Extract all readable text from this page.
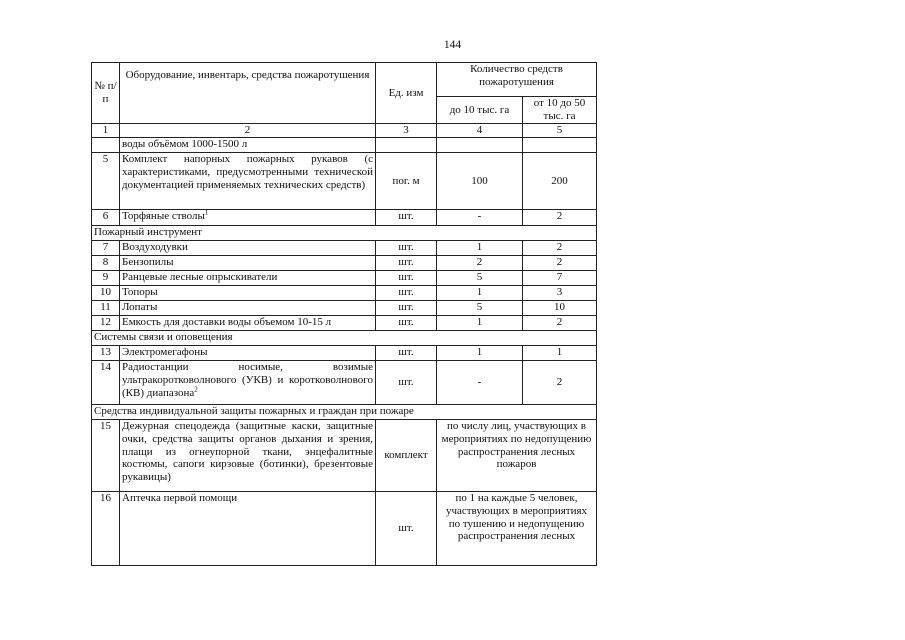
144
№ п/п	Оборудование, инвентарь, средства пожаротушения	Ед. изм	Количество средств пожаротушения	
			до 10 тыс. га	от 10 до 50 тыс. га
1	2	3	4	5
	воды объёмом 1000-1500 л			
5	Комплект напорных пожарных рукавов (с характеристиками, предусмотренными технической документацией применяемых технических средств)	пог. м	100	200
6	Торфяные стволы$^1$	шт.	-	2
Пожарный инструмент				
7	Воздуходувки	шт.	1	2
8	Бензопилы	шт.	2	2
9	Ранцевые лесные опрыскиватели	шт.	5	7
10	Топоры	шт.	1	3
11	Лопаты	шт.	5	10
12	Емкость для доставки воды объемом 10-15 л	шт.	1	2
Системы связи и оповещения				
13	Электромегафоны	шт.	1	1
14	Радиостанции носимые, возимые ультракоротковолнового (УКВ) и коротковолнового (КВ) диапазона$^2$	шт.	-	2
Средства индивидуальной защиты пожарных и граждан при пожаре				
15	Дежурная спецодежда (защитные каски, защитные очки, средства защиты органов дыхания и зрения, плащи из огнеупорной ткани, энцефалитные костюмы, сапоги кирзовые (ботинки), брезентовые рукавицы)	комплект	по числу лиц, участвующих в мероприятиях по недопущению распространения лесных пожаров	

16	Аптечка первой помощи	шт.	по 1 на каждые 5 человек, участвующих в мероприятиях по тушению и недопущению распространения лесных	
